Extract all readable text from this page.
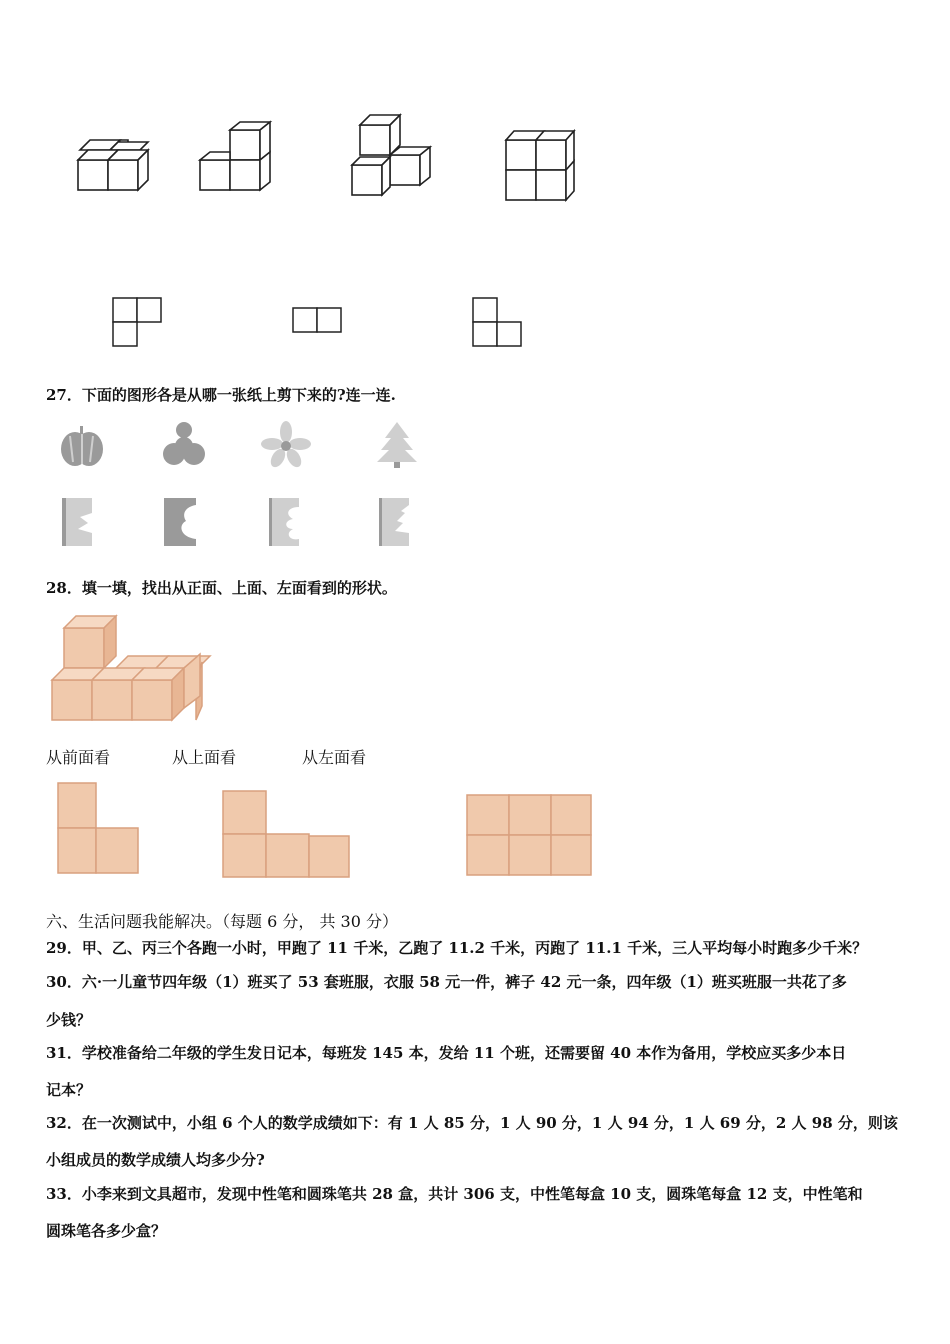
27．下面的图形各是从哪一张纸上剪下来的?连一连.
28．填一填，找出从正面、上面、左面看到的形状。
从前面看	从上面看	从左面看
六、生活问题我能解决。（每题 6 分， 共 30 分）
29．甲、乙、丙三个各跑一小时，甲跑了 11 千米，乙跑了 11.2 千米，丙跑了 11.1 千米，三人平均每小时跑多少千米？
30．六·一儿童节四年级（1）班买了 53 套班服，衣服 58 元一件，裤子 42 元一条，四年级（1）班买班服一共花了多
少钱？
31．学校准备给二年级的学生发日记本，每班发 145 本，发给 11 个班，还需要留 40 本作为备用，学校应买多少本日
记本？
32．在一次测试中，小组 6 个人的数学成绩如下：有 1 人 85 分，1 人 90 分，1 人 94 分，1 人 69 分，2 人 98 分，则该
小组成员的数学成绩人均多少分?
33．小李来到文具超市，发现中性笔和圆珠笔共 28 盒，共计 306 支，中性笔每盒 10 支，圆珠笔每盒 12 支，中性笔和
圆珠笔各多少盒？
